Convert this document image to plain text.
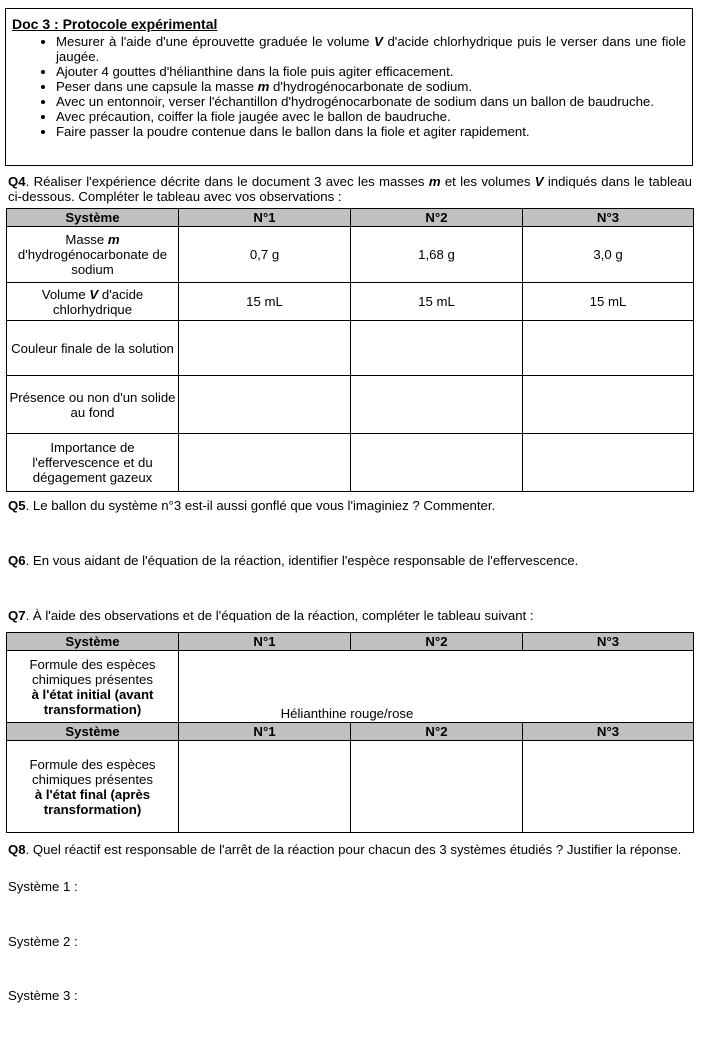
Doc 3 : Protocole expérimental
• Mesurer à l'aide d'une éprouvette graduée le volume V d'acide chlorhydrique puis le verser dans une fiole jaugée.
• Ajouter 4 gouttes d'hélianthine dans la fiole puis agiter efficacement.
• Peser dans une capsule la masse m d'hydrogénocarbonate de sodium.
• Avec un entonnoir, verser l'échantillon d'hydrogénocarbonate de sodium dans un ballon de baudruche.
• Avec précaution, coiffer la fiole jaugée avec le ballon de baudruche.
• Faire passer la poudre contenue dans le ballon dans la fiole et agiter rapidement.
Q4. Réaliser l'expérience décrite dans le document 3 avec les masses m et les volumes V indiqués dans le tableau ci-dessous. Compléter le tableau avec vos observations :
Système	N°1	N°2	N°3
Masse m
d'hydrogénocarbonate de sodium	0,7 g	1,68 g	3,0 g
Volume V d'acide chlorhydrique	15 mL	15 mL	15 mL
Couleur finale de la solution			
Présence ou non d'un solide au fond			
Importance de l'effervescence et du dégagement gazeux			
Q5. Le ballon du système n°3 est-il aussi gonflé que vous l'imaginiez ? Commenter.
Q6. En vous aidant de l'équation de la réaction, identifier l'espèce responsable de l'effervescence.
Q7. À l'aide des observations et de l'équation de la réaction, compléter le tableau suivant :
Système	N°1	N°2	N°3
Formule des espèces chimiques présentes
à l'état initial (avant transformation)	Hélianthine rouge/rose		
Système	N°1	N°2	N°3
Formule des espèces chimiques présentes
à l'état final (après transformation)			
Q8. Quel réactif est responsable de l'arrêt de la réaction pour chacun des 3 systèmes étudiés ? Justifier la réponse.
Système 1 :
Système 2 :
Système 3 :
